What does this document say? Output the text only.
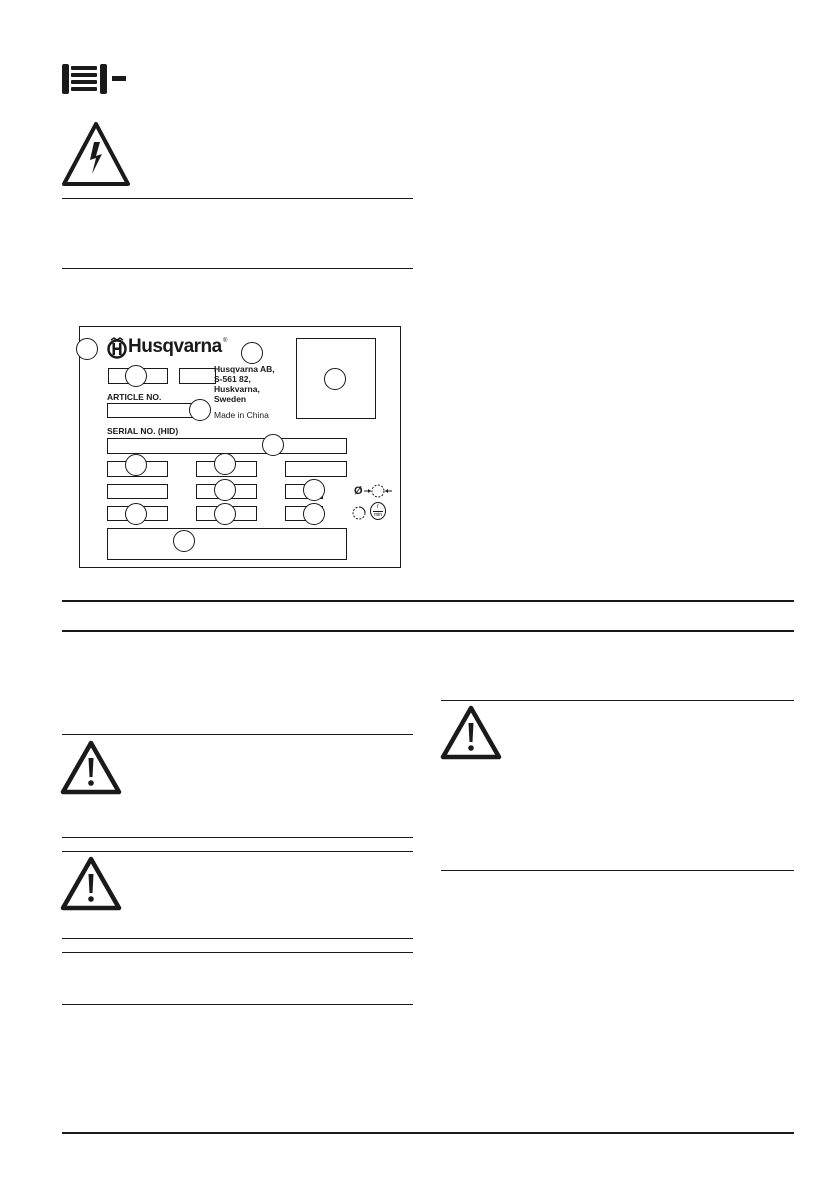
Husqvarna ®
Husqvarna AB,
S-561 82,
Huskvarna,
Sweden
Made in China
ARTICLE NO.
SERIAL NO. (HID)
Ø
r
min
